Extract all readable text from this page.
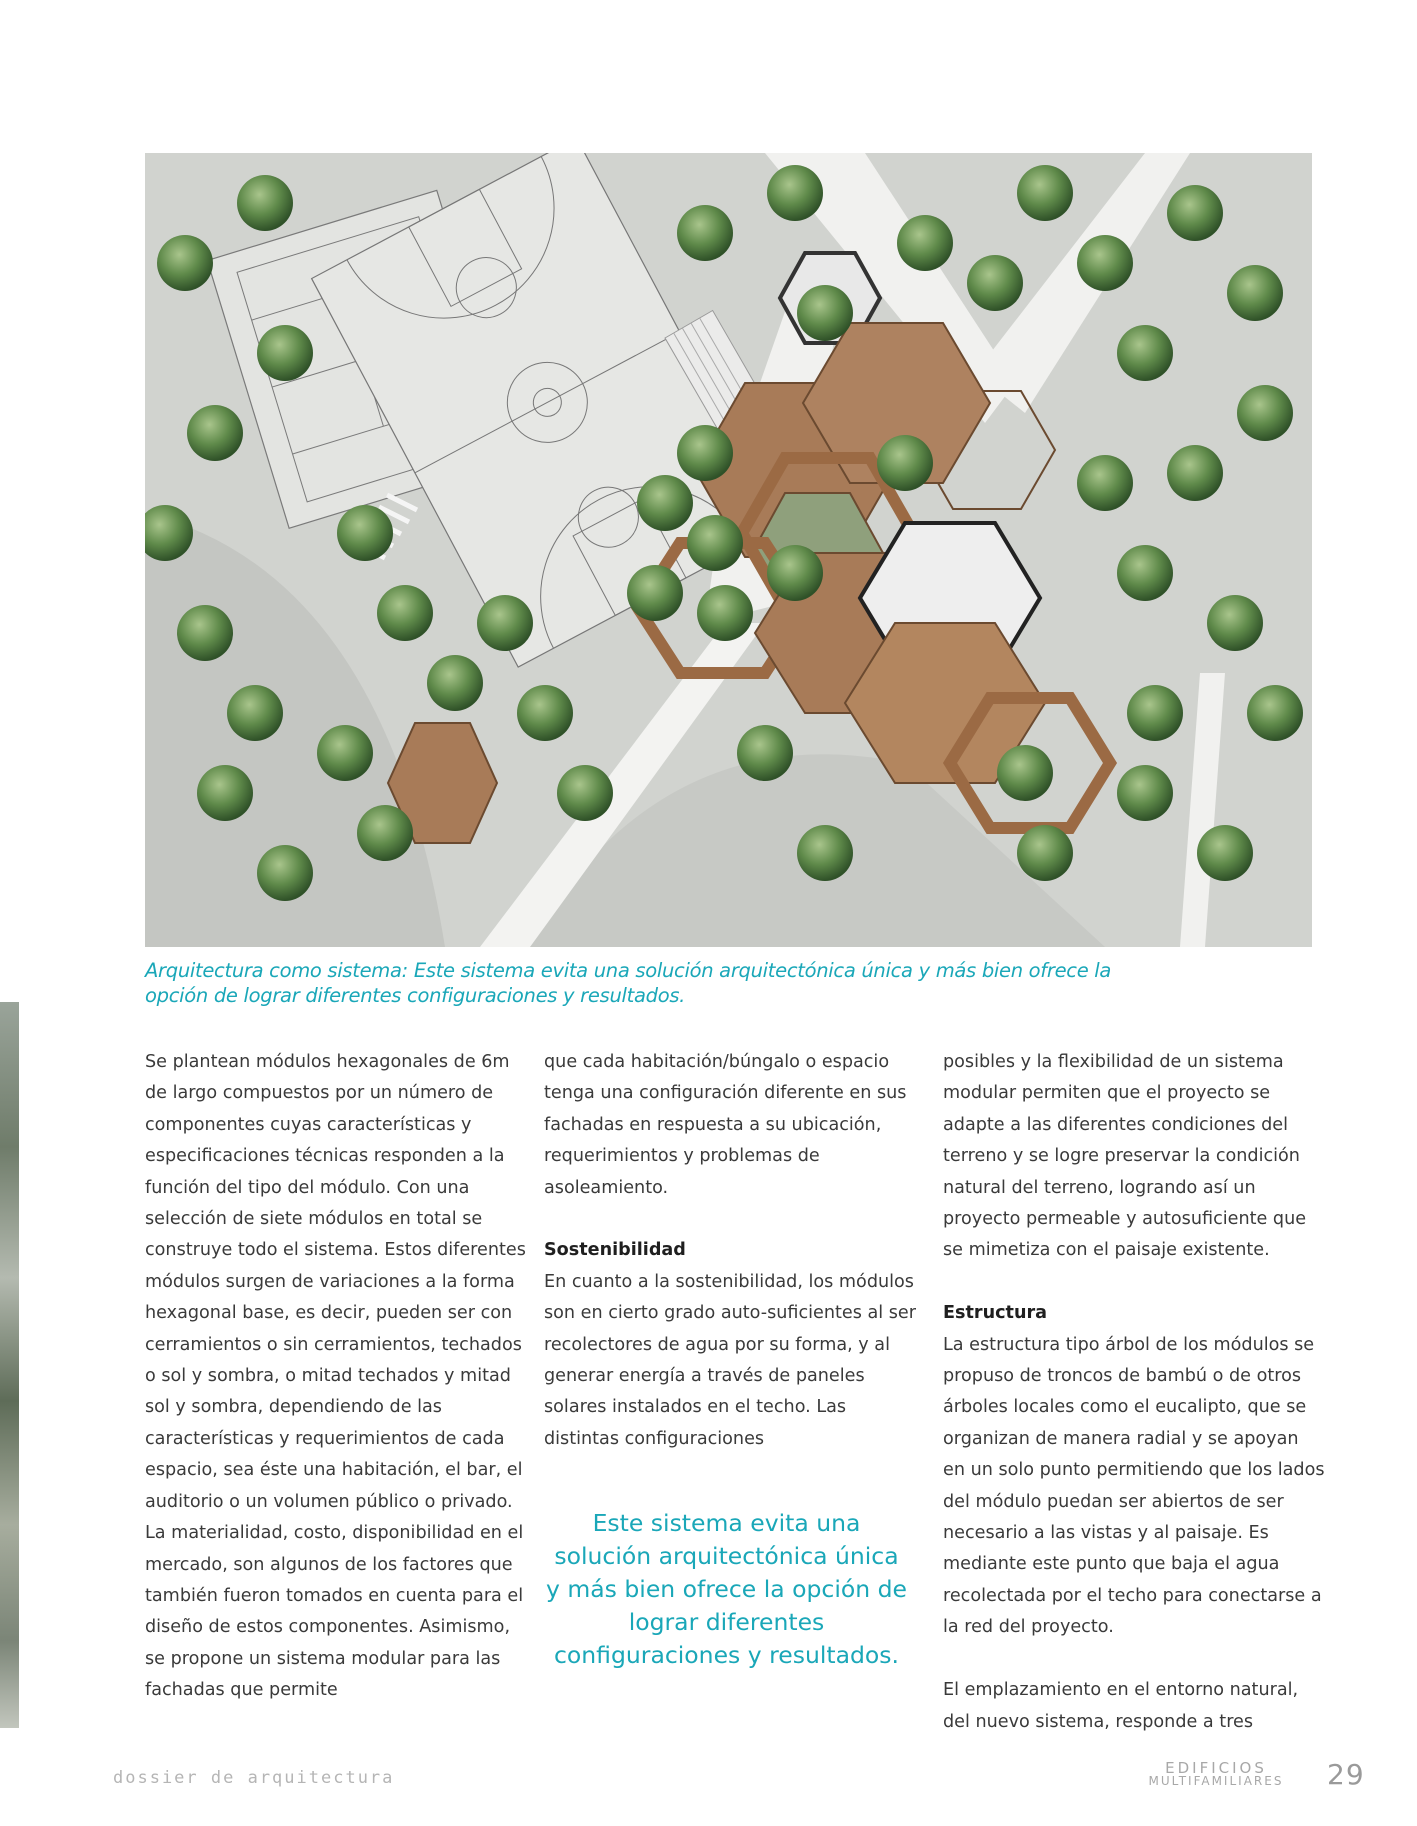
Arquitectura como sistema: Este sistema evita una solución arquitectónica única y más bien ofrece la opción de lograr diferentes configuraciones y resultados.

Se plantean módulos hexagonales de 6m de largo compuestos por un número de componentes cuyas características y especificaciones técnicas responden a la función del tipo del módulo. Con una selección de siete módulos en total se construye todo el sistema. Estos diferentes módulos surgen de variaciones a la forma hexagonal base, es decir, pueden ser con cerramientos o sin cerramientos, techados o sol y sombra, o mitad techados y mitad sol y sombra, dependiendo de las características y requerimientos de cada espacio, sea éste una habitación, el bar, el auditorio o un volumen público o privado. La materialidad, costo, disponibilidad en el mercado, son algunos de los factores que también fueron tomados en cuenta para el diseño de estos componentes. Asimismo, se propone un sistema modular para las fachadas que permite

que cada habitación/búngalo o espacio tenga una configuración diferente en sus fachadas en respuesta a su ubicación, requerimientos y problemas de asoleamiento.

Sostenibilidad

En cuanto a la sostenibilidad, los módulos son en cierto grado auto-suficientes al ser recolectores de agua por su forma, y al generar energía a través de paneles solares instalados en el techo. Las distintas configuraciones

Este sistema evita una solución arquitectónica única y más bien ofrece la opción de lograr diferentes configuraciones y resultados.

posibles y la flexibilidad de un sistema modular permiten que el proyecto se adapte a las diferentes condiciones del terreno y se logre preservar la condición natural del terreno, logrando así un proyecto permeable y autosuficiente que se mimetiza con el paisaje existente.

Estructura

La estructura tipo árbol de los módulos se propuso de troncos de bambú o de otros árboles locales como el eucalipto, que se organizan de manera radial y se apoyan en un solo punto permitiendo que los lados del módulo puedan ser abiertos de ser necesario a las vistas y al paisaje. Es mediante este punto que baja el agua recolectada por el techo para conectarse a la red del proyecto.

El emplazamiento en el entorno natural, del nuevo sistema, responde a tres

dossier de arquitectura	EDIFICIOS
MULTIFAMILIARES 29
